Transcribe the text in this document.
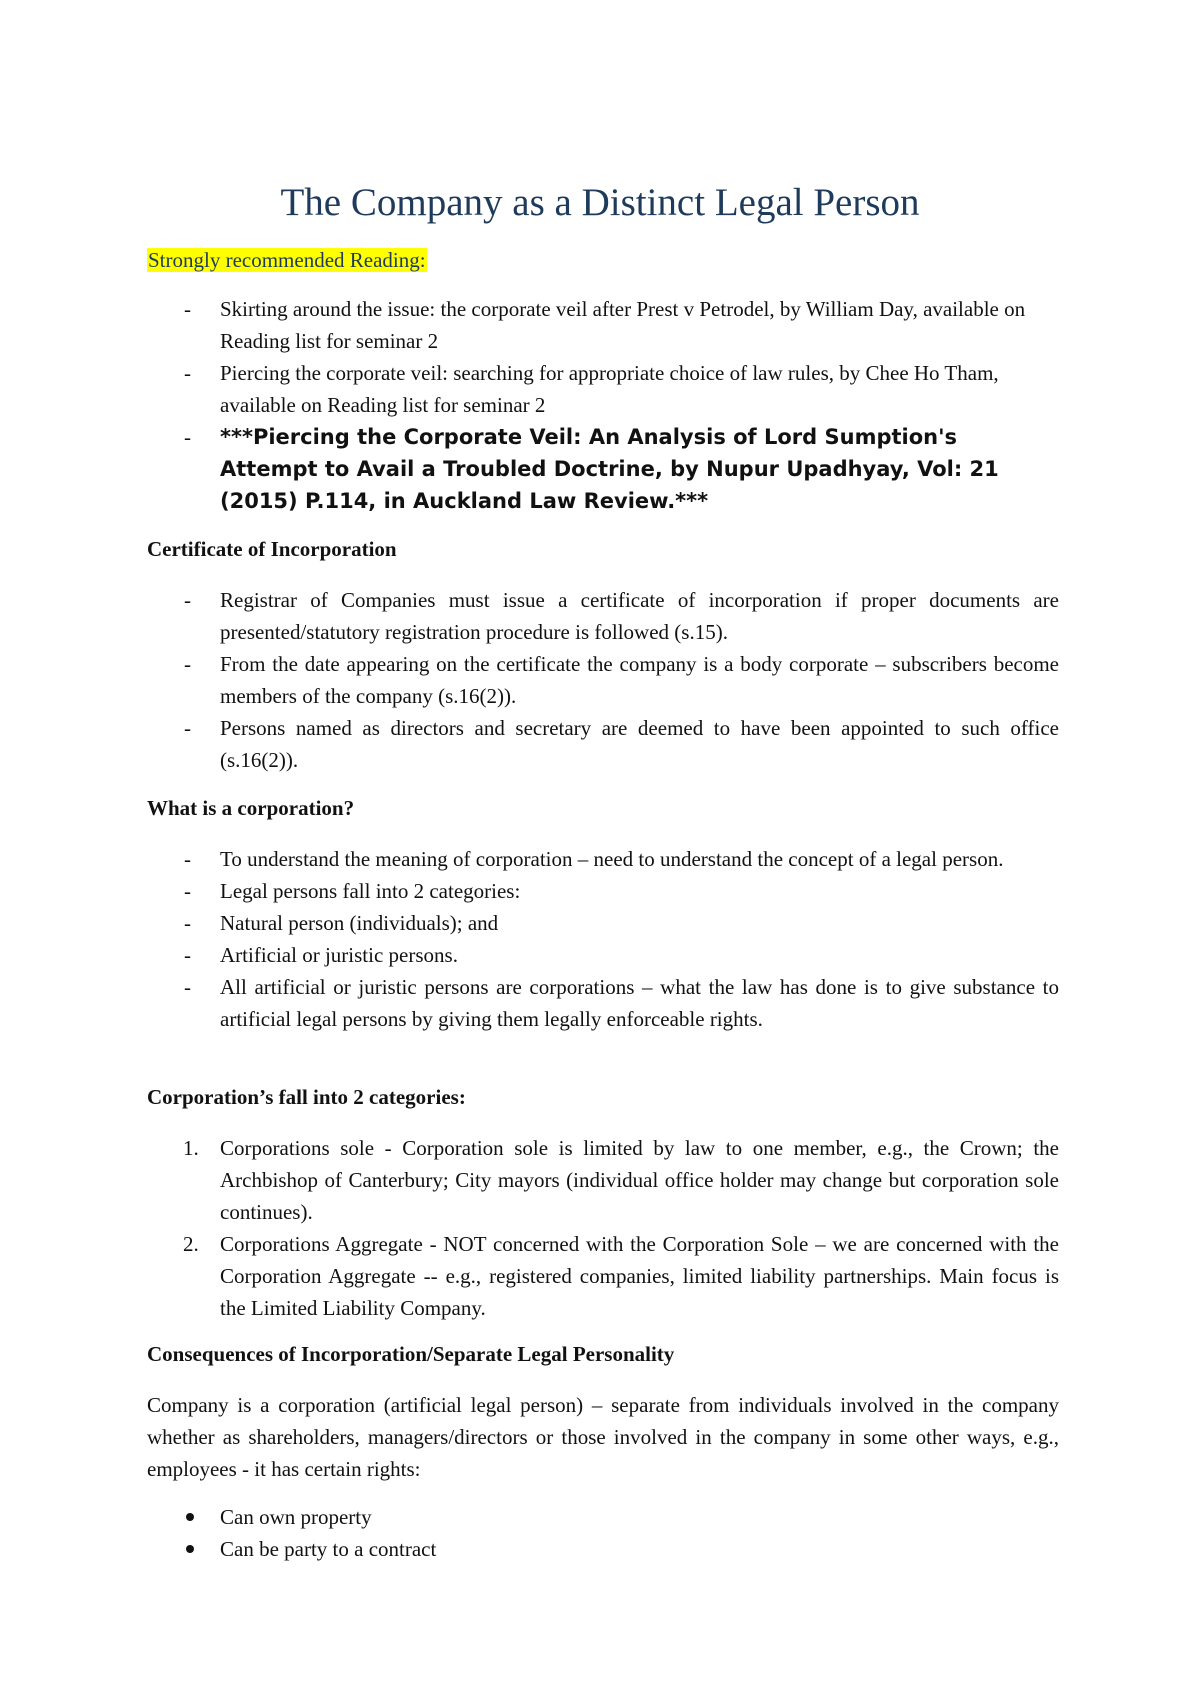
The Company as a Distinct Legal Person
Strongly recommended Reading:
- Skirting around the issue: the corporate veil after Prest v Petrodel, by William Day, available on Reading list for seminar 2
- Piercing the corporate veil: searching for appropriate choice of law rules, by Chee Ho Tham, available on Reading list for seminar 2
- ***Piercing the Corporate Veil: An Analysis of Lord Sumption's Attempt to Avail a Troubled Doctrine, by Nupur Upadhyay, Vol: 21 (2015) P.114, in Auckland Law Review.***
Certificate of Incorporation
- Registrar of Companies must issue a certificate of incorporation if proper documents are presented/statutory registration procedure is followed (s.15).
- From the date appearing on the certificate the company is a body corporate – subscribers become members of the company (s.16(2)).
- Persons named as directors and secretary are deemed to have been appointed to such office (s.16(2)).
What is a corporation?
- To understand the meaning of corporation – need to understand the concept of a legal person.
- Legal persons fall into 2 categories:
- Natural person (individuals); and
- Artificial or juristic persons.
- All artificial or juristic persons are corporations – what the law has done is to give substance to artificial legal persons by giving them legally enforceable rights.
Corporation’s fall into 2 categories:
1. Corporations sole - Corporation sole is limited by law to one member, e.g., the Crown; the Archbishop of Canterbury; City mayors (individual office holder may change but corporation sole continues).
2. Corporations Aggregate - NOT concerned with the Corporation Sole – we are concerned with the Corporation Aggregate -- e.g., registered companies, limited liability partnerships. Main focus is the Limited Liability Company.
Consequences of Incorporation/Separate Legal Personality
Company is a corporation (artificial legal person) – separate from individuals involved in the company whether as shareholders, managers/directors or those involved in the company in some other ways, e.g., employees - it has certain rights:
Can own property
Can be party to a contract
